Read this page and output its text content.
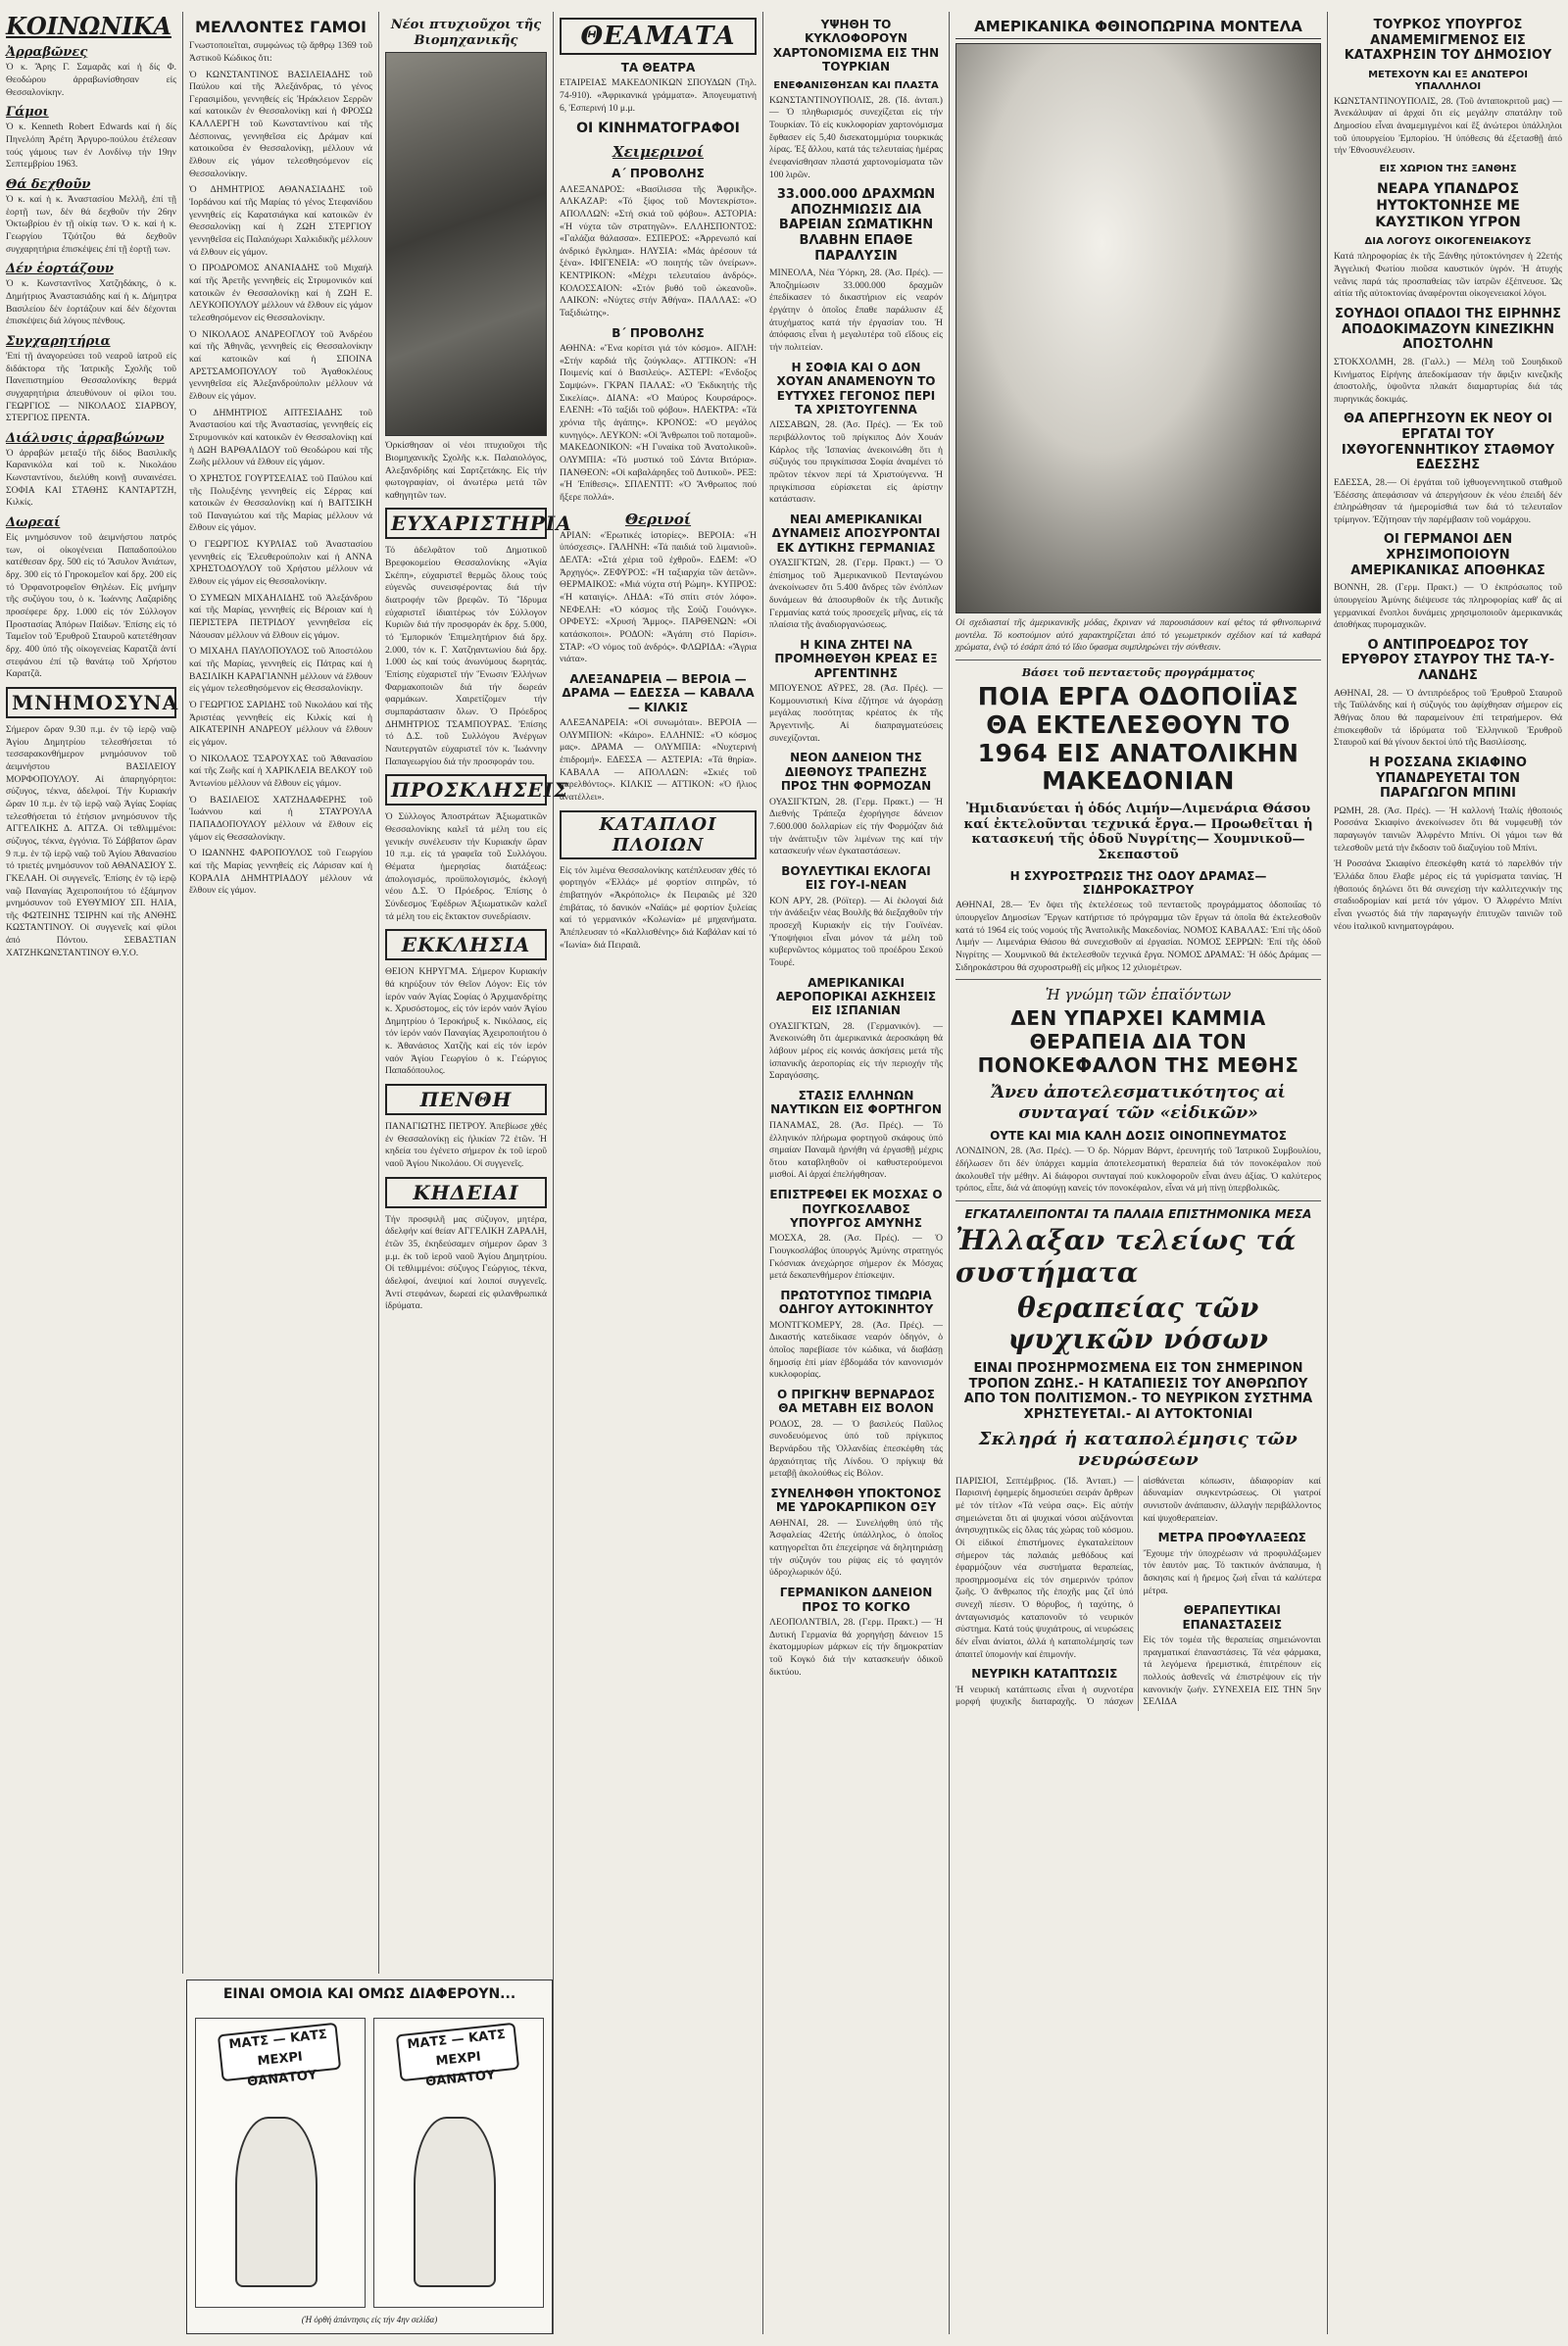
ΚΟΙΝΩΝΙΚΑ
Ἀρραβῶνες

Ὁ κ. Ἄρης Γ. Σαμαρᾶς καί ἡ δίς Φ. Θεοδώρου ἀρραβωνίσθησαν εἰς Θεσσαλονίκην.

Γάμοι

Ὁ κ. Kenneth Robert Edwards καί ἡ δίς Πηνελόπη Ἀρέτη Ἀργυρο-πούλου ἐτέλεσαν τούς γάμους των ἐν Λονδίνῳ τήν 19ην Σεπτεμβρίου 1963.

Θά δεχθοῦν

Ὁ κ. καί ἡ κ. Ἀναστασίου Μελλῆ, ἐπί τῇ ἑορτῇ των, δέν θά δεχθοῦν τήν 26ην Ὀκτωβρίου ἐν τῇ οἰκίᾳ των. Ὁ κ. καί ἡ κ. Γεωργίου Τζιότζου θά δεχθοῦν συγχαρητήρια ἐπισκέψεις ἐπί τῇ ἑορτῇ των.

Δέν ἑορτάζουν

Ὁ κ. Κωνσταντῖνος Χατζηδάκης, ὁ κ. Δημήτριος Ἀναστασιάδης καί ἡ κ. Δήμητρα Βασιλείου δέν ἑορτάζουν καί δέν δέχονται ἐπισκέψεις διά λόγους πένθους.

Συγχαρητήρια

Ἐπί τῇ ἀναγορεύσει τοῦ νεαροῦ ἰατροῦ εἰς διδάκτορα τῆς Ἰατρικῆς Σχολῆς τοῦ Πανεπιστημίου Θεσσαλονίκης θερμά συγχαρητήρια ἀπευθύνουν οἱ φίλοι του. ΓΕΩΡΓΙΟΣ — ΝΙΚΟΛΑΟΣ ΣΙΑΡΒΟΥ, ΣΤΕΡΓΙΟΣ ΠΡΕΝΤΑ.

Διάλυσις ἀρραβώνων

Ὁ ἀρραβών μεταξύ τῆς δίδος Βασιλικῆς Καρανικόλα καί τοῦ κ. Νικολάου Κωνσταντίνου, διελύθη κοινῇ συναινέσει. ΣΟΦΙΑ ΚΑΙ ΣΤΑΘΗΣ ΚΑΝΤΑΡΤΖΗ, Κιλκίς.

Δωρεαί

Εἰς μνημόσυνον τοῦ ἀειμνήστου πατρός των, οἱ οἰκογένειαι Παπαδοπούλου κατέθεσαν δρχ. 500 εἰς τό Ἄσυλον Ἀνιάτων, δρχ. 300 εἰς τό Γηροκομεῖον καί δρχ. 200 εἰς τό Ὀρφανοτροφεῖον Θηλέων. Εἰς μνήμην τῆς συζύγου του, ὁ κ. Ἰωάννης Λαζαρίδης προσέφερε δρχ. 1.000 εἰς τόν Σύλλογον Προστασίας Ἀπόρων Παίδων. Ἐπίσης εἰς τό Ταμεῖον τοῦ Ἐρυθροῦ Σταυροῦ κατετέθησαν δρχ. 400 ὑπό τῆς οἰκογενείας Καρατζᾶ ἀντί στεφάνου ἐπί τῷ θανάτῳ τοῦ Χρήστου Καρατζᾶ.

ΜΝΗΜΟΣΥΝΑ

Σήμερον ὥραν 9.30 π.μ. ἐν τῷ ἱερῷ ναῷ Ἁγίου Δημητρίου τελεσθήσεται τό τεσσαρακονθήμερον μνημόσυνον τοῦ ἀειμνήστου ΒΑΣΙΛΕΙΟΥ ΜΟΡΦΟΠΟΥΛΟΥ. Αἱ ἀπαρηγόρητοι: σύζυγος, τέκνα, ἀδελφοί. Τήν Κυριακήν ὥραν 10 π.μ. ἐν τῷ ἱερῷ ναῷ Ἁγίας Σοφίας τελεσθήσεται τό ἑτήσιον μνημόσυνον τῆς ΑΓΓΕΛΙΚΗΣ Δ. ΑΙΤΖΑ. Οἱ τεθλιμμένοι: σύζυγος, τέκνα, ἐγγόνια. Τό Σάββατον ὥραν 9 π.μ. ἐν τῷ ἱερῷ ναῷ τοῦ Ἁγίου Ἀθανασίου τό τριετές μνημόσυνον τοῦ ΑΘΑΝΑΣΙΟΥ Σ. ΓΚΕΛΑΗ. Οἱ συγγενεῖς. Ἐπίσης ἐν τῷ ἱερῷ ναῷ Παναγίας Ἀχειροποιήτου τό ἑξάμηνον μνημόσυνον τοῦ ΕΥΘΥΜΙΟΥ ΣΠ. ΗΛΙΑ, τῆς ΦΩΤΕΙΝΗΣ ΤΣΙΡΗΝ καί τῆς ΑΝΘΗΣ ΚΩΣΤΑΝΤΙΝΟΥ. Οἱ συγγενεῖς καί φίλοι ἀπό Πόντου. ΣΕΒΑΣΤΙΑΝ ΧΑΤΖΗΚΩΝΣΤΑΝΤΙΝΟΥ Θ.Υ.Ο.

ΜΕΛΛΟΝΤΕΣ ΓΑΜΟΙ

Γνωστοποιεῖται, συμφώνως τῷ ἄρθρῳ 1369 τοῦ Ἀστικοῦ Κώδικος ὅτι:

Ὁ ΚΩΝΣΤΑΝΤΙΝΟΣ ΒΑΣΙΛΕΙΑΔΗΣ τοῦ Παύλου καί τῆς Ἀλεξάνδρας, τό γένος Γερασιμίδου, γεννηθείς εἰς Ἠράκλειον Σερρῶν καί κατοικῶν ἐν Θεσσαλονίκῃ καί ἡ ΦΡΟΣΩ ΚΑΛΛΕΡΓΗ τοῦ Κωνσταντίνου καί τῆς Δέσποινας, γεννηθεῖσα εἰς Δράμαν καί κατοικοῦσα ἐν Θεσσαλονίκῃ, μέλλουν νά ἔλθουν εἰς γάμον τελεσθησόμενον εἰς Θεσσαλονίκην.

Ὁ ΔΗΜΗΤΡΙΟΣ ΑΘΑΝΑΣΙΑΔΗΣ τοῦ Ἰορδάνου καί τῆς Μαρίας τό γένος Στεφανίδου γεννηθείς εἰς Καρατσιάγκα καί κατοικῶν ἐν Θεσσαλονίκῃ καί ἡ ΖΩΗ ΣΤΕΡΓΙΟΥ γεννηθεῖσα εἰς Παλαιόχωρι Χαλκιδικῆς μέλλουν νά ἔλθουν εἰς γάμον.

Ὁ ΠΡΟΔΡΟΜΟΣ ΑΝΑΝΙΑΔΗΣ τοῦ Μιχαήλ καί τῆς Ἀρετῆς γεννηθείς εἰς Στρυμονικόν καί κατοικῶν ἐν Θεσσαλονίκῃ καί ἡ ΖΩΗ Ε. ΛΕΥΚΟΠΟΥΛΟΥ μέλλουν νά ἔλθουν εἰς γάμον τελεσθησόμενον εἰς Θεσσαλονίκην.

Ὁ ΝΙΚΟΛΑΟΣ ΑΝΔΡΕΟΓΛΟΥ τοῦ Ἀνδρέου καί τῆς Ἀθηνᾶς, γεννηθείς εἰς Θεσσαλονίκην καί κατοικῶν καί ἡ ΣΠΟΙΝΑ ΑΡΣΤΣΑΜΟΠΟΥΛΟΥ τοῦ Ἀγαθοκλέους γεννηθεῖσα εἰς Ἀλεξανδρούπολιν μέλλουν νά ἔλθουν εἰς γάμον.

Ὁ ΔΗΜΗΤΡΙΟΣ ΑΠΤΕΣΙΑΔΗΣ τοῦ Ἀναστασίου καί τῆς Ἀναστασίας, γεννηθείς εἰς Στρυμονικόν καί κατοικῶν ἐν Θεσσαλονίκῃ καί ἡ ΔΩΗ ΒΑΡΘΑΛΙΔΟΥ τοῦ Θεοδώρου καί τῆς Ζωῆς μέλλουν νά ἔλθουν εἰς γάμον.

Ὁ ΧΡΗΣΤΟΣ ΓΟΥΡΤΣΕΛΙΑΣ τοῦ Παύλου καί τῆς Πολυξένης γεννηθείς εἰς Σέρρας καί κατοικῶν ἐν Θεσσαλονίκῃ καί ἡ ΒΑΙΤΣΙΚΗ τοῦ Παναγιώτου καί τῆς Μαρίας μέλλουν νά ἔλθουν εἰς γάμον.

Ὁ ΓΕΩΡΓΙΟΣ ΚΥΡΛΙΑΣ τοῦ Ἀναστασίου γεννηθείς εἰς Ἐλευθερούπολιν καί ἡ ΑΝΝΑ ΧΡΗΣΤΟΔΟΥΛΟΥ τοῦ Χρήστου μέλλουν νά ἔλθουν εἰς γάμον εἰς Θεσσαλονίκην.

Ὁ ΣΥΜΕΩΝ ΜΙΧΑΗΛΙΔΗΣ τοῦ Ἀλεξάνδρου καί τῆς Μαρίας, γεννηθείς εἰς Βέροιαν καί ἡ ΠΕΡΙΣΤΕΡΑ ΠΕΤΡΙΔΟΥ γεννηθεῖσα εἰς Νάουσαν μέλλουν νά ἔλθουν εἰς γάμον.

Ὁ ΜΙΧΑΗΛ ΠΑΥΛΟΠΟΥΛΟΣ τοῦ Ἀποστόλου καί τῆς Μαρίας, γεννηθείς εἰς Πάτρας καί ἡ ΒΑΣΙΛΙΚΗ ΚΑΡΑΓΙΑΝΝΗ μέλλουν νά ἔλθουν εἰς γάμον τελεσθησόμενον εἰς Θεσσαλονίκην.

Ὁ ΓΕΩΡΓΙΟΣ ΣΑΡΙΔΗΣ τοῦ Νικολάου καί τῆς Ἀριστέας γεννηθείς εἰς Κιλκίς καί ἡ ΑΙΚΑΤΕΡΙΝΗ ΑΝΔΡΕΟΥ μέλλουν νά ἔλθουν εἰς γάμον.

Ὁ ΝΙΚΟΛΑΟΣ ΤΣΑΡΟΥΧΑΣ τοῦ Ἀθανασίου καί τῆς Ζωῆς καί ἡ ΧΑΡΙΚΛΕΙΑ ΒΕΛΚΟΥ τοῦ Ἀντωνίου μέλλουν νά ἔλθουν εἰς γάμον.

Ὁ ΒΑΣΙΛΕΙΟΣ ΧΑΤΖΗΔΑΦΕΡΗΣ τοῦ Ἰωάννου καί ἡ ΣΤΑΥΡΟΥΛΑ ΠΑΠΑΔΟΠΟΥΛΟΥ μέλλουν νά ἔλθουν εἰς γάμον εἰς Θεσσαλονίκην.

Ὁ ΙΩΑΝΝΗΣ ΦΑΡΟΠΟΥΛΟΣ τοῦ Γεωργίου καί τῆς Μαρίας γεννηθείς εἰς Λάρισαν καί ἡ ΚΟΡΑΛΙΑ ΔΗΜΗΤΡΙΑΔΟΥ μέλλουν νά ἔλθουν εἰς γάμον.

ΕΙΝΑΙ ΟΜΟΙΑ ΚΑΙ ΟΜΩΣ ΔΙΑΦΕΡΟΥΝ...
ΜΑΤΣ — ΚΑΤΣ ΜΕΧΡΙ ΘΑΝΑΤΟΥ
ΜΑΤΣ — ΚΑΤΣ ΜΕΧΡΙ ΘΑΝΑΤΟΥ
(Ἡ ὀρθή ἀπάντησις εἰς τήν 4ην σελίδα)
Νέοι πτυχιοῦχοι τῆς Βιομηχανικῆς

Ὁρκίσθησαν οἱ νέοι πτυχιοῦχοι τῆς Βιομηχανικῆς Σχολῆς κ.κ. Παλαιολόγος, Αλεξανδρίδης καί Σαρτζετάκης. Εἰς τήν φωτογραφίαν, οἱ ἀνωτέρω μετά τῶν καθηγητῶν των.

ΕΥΧΑΡΙΣΤΗΡΙΑ

Τό ἀδελφᾶτον τοῦ Δημοτικοῦ Βρεφοκομείου Θεσσαλονίκης «Ἁγία Σκέπη», εὐχαριστεῖ θερμῶς ὅλους τούς εὐγενῶς συνεισφέροντας διά τήν διατροφήν τῶν βρεφῶν. Τό Ἵδρυμα εὐχαριστεῖ ἰδιαιτέρως τόν Σύλλογον Κυριῶν διά τήν προσφοράν ἐκ δρχ. 5.000, τό Ἐμπορικόν Ἐπιμελητήριον διά δρχ. 2.000, τόν κ. Γ. Χατζηαντωνίου διά δρχ. 1.000 ὡς καί τούς ἀνωνύμους δωρητάς. Ἐπίσης εὐχαριστεῖ τήν Ἕνωσιν Ἐλλήνων Φαρμακοποιῶν διά τήν δωρεάν φαρμάκων. Χαιρετίζομεν τήν συμπαράστασιν ὅλων. Ὁ Πρόεδρος ΔΗΜΗΤΡΙΟΣ ΤΣΑΜΠΟΥΡΑΣ. Ἐπίσης τό Δ.Σ. τοῦ Συλλόγου Ἀνέργων Ναυτεργατῶν εὐχαριστεῖ τόν κ. Ἰωάννην Παπαγεωργίου διά τήν προσφοράν του.

ΠΡΟΣΚΛΗΣΕΙΣ

Ὁ Σύλλογος Ἀποστράτων Ἀξιωματικῶν Θεσσαλονίκης καλεῖ τά μέλη του εἰς γενικήν συνέλευσιν τήν Κυριακήν ὥραν 10 π.μ. εἰς τά γραφεῖα τοῦ Συλλόγου. Θέματα ἡμερησίας διατάξεως: ἀπολογισμός, προϋπολογισμός, ἐκλογή νέου Δ.Σ. Ὁ Πρόεδρος. Ἐπίσης ὁ Σύνδεσμος Ἐφέδρων Ἀξιωματικῶν καλεῖ τά μέλη του εἰς ἔκτακτον συνεδρίασιν.

ΕΚΚΛΗΣΙΑ

ΘΕΙΟΝ ΚΗΡΥΓΜΑ. Σήμερον Κυριακήν θά κηρύξουν τόν Θεῖον Λόγον: Εἰς τόν ἱερόν ναόν Ἁγίας Σοφίας ὁ Ἀρχιμανδρίτης κ. Χρυσόστομος, εἰς τόν ἱερόν ναόν Ἁγίου Δημητρίου ὁ Ἱεροκήρυξ κ. Νικόλαος, εἰς τόν ἱερόν ναόν Παναγίας Ἀχειροποιήτου ὁ κ. Ἀθανάσιος Χατζῆς καί εἰς τόν ἱερόν ναόν Ἁγίου Γεωργίου ὁ κ. Γεώργιος Παπαδόπουλος.

ΠΕΝΘΗ

ΠΑΝΑΓΙΩΤΗΣ ΠΕΤΡΟΥ. Ἀπεβίωσε χθές ἐν Θεσσαλονίκῃ εἰς ἡλικίαν 72 ἐτῶν. Ἡ κηδεία του ἐγένετο σήμερον ἐκ τοῦ ἱεροῦ ναοῦ Ἁγίου Νικολάου. Οἱ συγγενεῖς.

ΚΗΔΕΙΑΙ

Τήν προσφιλῆ μας σύζυγον, μητέρα, ἀδελφήν καί θείαν ΑΓΓΕΛΙΚΗ ΖΑΡΑΛΗ, ἐτῶν 35, ἐκηδεύσαμεν σήμερον ὥραν 3 μ.μ. ἐκ τοῦ ἱεροῦ ναοῦ Ἁγίου Δημητρίου. Οἱ τεθλιμμένοι: σύζυγος Γεώργιος, τέκνα, ἀδελφοί, ἀνεψιοί καί λοιποί συγγενεῖς. Ἀντί στεφάνων, δωρεαί εἰς φιλανθρωπικά ἱδρύματα.

ΘΕΑΜΑΤΑ
ΤΑ ΘΕΑΤΡΑ

ΕΤΑΙΡΕΙΑΣ ΜΑΚΕΔΟΝΙΚΩΝ ΣΠΟΥΔΩΝ (Τηλ. 74-910). «Ἀφρικανικά γράμματα». Ἀπογευματινή 6, Ἑσπερινή 10 μ.μ.

ΟΙ ΚΙΝΗΜΑΤΟΓΡΑΦΟΙ
Χειμερινοί
Α΄ ΠΡΟΒΟΛΗΣ

ΑΛΕΞΑΝΔΡΟΣ: «Βασίλισσα τῆς Ἀφρικῆς». ΑΛΚΑΖΑΡ: «Τό ξίφος τοῦ Μοντεκρίστο». ΑΠΟΛΛΩΝ: «Στή σκιά τοῦ φόβου». ΑΣΤΟΡΙΑ: «Ἡ νύχτα τῶν στρατηγῶν». ΕΛΛΗΣΠΟΝΤΟΣ: «Γαλάζια θάλασσα». ΕΣΠΕΡΟΣ: «Ἀρρενωπό καί ἀνδρικό ἔγκλημα». ΗΛΥΣΙΑ: «Μάς ἀρέσουν τά ξένα». ΙΦΙΓΕΝΕΙΑ: «Ὁ ποιητής τῶν ὀνείρων». ΚΕΝΤΡΙΚΟΝ: «Μέχρι τελευταίου ἀνδρός». ΚΟΛΟΣΣΑΙΟΝ: «Στόν βυθό τοῦ ὠκεανοῦ». ΛΑΙΚΟΝ: «Νύχτες στήν Ἀθήνα». ΠΑΛΛΑΣ: «Ὁ Ταξιδιώτης».

Β΄ ΠΡΟΒΟΛΗΣ

ΑΘΗΝΑ: «Ἕνα κορίτσι γιά τόν κόσμο». ΑΙΓΛΗ: «Στήν καρδιά τῆς ζούγκλας». ΑΤΤΙΚΟΝ: «Ἡ Ποιμενίς καί ὁ Βασιλεύς». ΑΣΤΕΡΙ: «Ἐνδοξος Σαμψών». ΓΚΡΑΝ ΠΑΛΑΣ: «Ὁ Ἐκδικητής τῆς Σικελίας». ΔΙΑΝΑ: «Ὁ Μαύρος Κουρσάρος». ΕΛΕΝΗ: «Τό ταξίδι τοῦ φόβου». ΗΛΕΚΤΡΑ: «Τά χρόνια τῆς ἀγάπης». ΚΡΟΝΟΣ: «Ὁ μεγάλος κυνηγός». ΛΕΥΚΟΝ: «Οἱ Ἄνθρωποι τοῦ ποταμοῦ». ΜΑΚΕΔΟΝΙΚΟΝ: «Ἡ Γυναίκα τοῦ Ἀνατολικοῦ». ΟΛΥΜΠΙΑ: «Τό μυστικό τοῦ Σάντα Βιτόρια». ΠΑΝΘΕΟΝ: «Οἱ καβαλάρηδες τοῦ Δυτικοῦ». ΡΕΞ: «Ἡ Ἐπίθεσις». ΣΠΛΕΝΤΙΤ: «Ὁ Ἄνθρωπος πού ἤξερε πολλά».

Θερινοί

ΑΡΙΑΝ: «Ἐρωτικές ἱστορίες». ΒΕΡΟΙΑ: «Ἡ ὑπόσχεσις». ΓΑΛΗΝΗ: «Τά παιδιά τοῦ λιμανιοῦ». ΔΕΛΤΑ: «Στά χέρια τοῦ ἐχθροῦ». ΕΔΕΜ: «Ὁ Ἀρχηγός». ΖΕΦΥΡΟΣ: «Ἡ ταξιαρχία τῶν ἀετῶν». ΘΕΡΜΑΙΚΟΣ: «Μιά νύχτα στή Ρώμη». ΚΥΠΡΟΣ: «Ἡ καταιγίς». ΛΗΔΑ: «Τό σπίτι στόν λόφο». ΝΕΦΕΛΗ: «Ὁ κόσμος τῆς Σούζι Γουόνγκ». ΟΡΦΕΥΣ: «Χρυσή Ἄμμος». ΠΑΡΘΕΝΩΝ: «Οἱ κατάσκοποι». ΡΟΔΟΝ: «Ἀγάπη στό Παρίσι». ΣΤΑΡ: «Ὁ νόμος τοῦ ἀνδρός». ΦΛΩΡΙΔΑ: «Ἄγρια νιάτα».

ΑΛΕΞΑΝΔΡΕΙΑ — ΒΕΡΟΙΑ — ΔΡΑΜΑ — ΕΔΕΣΣΑ — ΚΑΒΑΛΑ — ΚΙΛΚΙΣ

ΑΛΕΞΑΝΔΡΕΙΑ: «Οἱ συνωμόται». ΒΕΡΟΙΑ — ΟΛΥΜΠΙΟΝ: «Κάιρο». ΕΛΛΗΝΙΣ: «Ὁ κόσμος μας». ΔΡΑΜΑ — ΟΛΥΜΠΙΑ: «Νυχτερινή ἐπιδρομή». ΕΔΕΣΣΑ — ΑΣΤΕΡΙΑ: «Τά θηρία». ΚΑΒΑΛΑ — ΑΠΟΛΛΩΝ: «Σκιές τοῦ παρελθόντος». ΚΙΛΚΙΣ — ΑΤΤΙΚΟΝ: «Ὁ ἥλιος ἀνατέλλει».

ΚΑΤΑΠΛΟΙ ΠΛΟΙΩΝ

Εἰς τόν λιμένα Θεσσαλονίκης κατέπλευσαν χθές τό φορτηγόν «Ἑλλάς» μέ φορτίον σιτηρῶν, τό ἐπιβατηγόν «Ἀκρόπολις» ἐκ Πειραιῶς μέ 320 ἐπιβάτας, τό δανικόν «Ναϊάς» μέ φορτίον ξυλείας καί τό γερμανικόν «Κολωνία» μέ μηχανήματα. Ἀπέπλευσαν τό «Καλλισθένης» διά Καβάλαν καί τό «Ἰωνία» διά Πειραιᾶ.

ΥΨΗΘΗ ΤΟ ΚΥΚΛΟΦΟΡΟΥΝ ΧΑΡΤΟΝΟΜΙΣΜΑ ΕΙΣ ΤΗΝ ΤΟΥΡΚΙΑΝ
ΕΝΕΦΑΝΙΣΘΗΣΑΝ ΚΑΙ ΠΛΑΣΤΑ

ΚΩΝΣΤΑΝΤΙΝΟΥΠΟΛΙΣ, 28. (Ἰδ. ἀνταπ.) — Ὁ πληθωρισμός συνεχίζεται εἰς τήν Τουρκίαν. Τό εἰς κυκλοφορίαν χαρτονόμισμα ἔφθασεν εἰς 5,40 δισεκατομμύρια τουρκικάς λίρας. Ἐξ ἄλλου, κατά τάς τελευταίας ἡμέρας ἐνεφανίσθησαν πλαστά χαρτονομίσματα τῶν 100 λιρῶν.

33.000.000 ΔΡΑΧΜΩΝ ΑΠΟΖΗΜΙΩΣΙΣ ΔΙΑ ΒΑΡΕΙΑΝ ΣΩΜΑΤΙΚΗΝ ΒΛΑΒΗΝ ΕΠΑΘΕ ΠΑΡΑΛΥΣΙΝ

ΜΙΝΕΟΛΑ, Νέα Ὑόρκη, 28. (Ἀσ. Πρές). — Ἀποζημίωσιν 33.000.000 δραχμῶν ἐπεδίκασεν τό δικαστήριον εἰς νεαρόν ἐργάτην ὁ ὁποῖος ἔπαθε παράλυσιν ἐξ ἀτυχήματος κατά τήν ἐργασίαν του. Ἡ ἀπόφασις εἶναι ἡ μεγαλυτέρα τοῦ εἴδους εἰς τήν πολιτείαν.

Η ΣΟΦΙΑ ΚΑΙ Ο ΔΟΝ ΧΟΥΑΝ ΑΝΑΜΕΝΟΥΝ ΤΟ ΕΥΤΥΧΕΣ ΓΕΓΟΝΟΣ ΠΕΡΙ ΤΑ ΧΡΙΣΤΟΥΓΕΝΝΑ

ΛΙΣΣΑΒΩΝ, 28. (Ἀσ. Πρές). — Ἐκ τοῦ περιβάλλοντος τοῦ πρίγκιπος Δόν Χουάν Κάρλος τῆς Ἱσπανίας ἀνεκοινώθη ὅτι ἡ σύζυγός του πριγκίπισσα Σοφία ἀναμένει τό πρῶτον τέκνον περί τά Χριστούγεννα. Ἡ πριγκίπισσα εὑρίσκεται εἰς ἀρίστην κατάστασιν.

ΝΕΑΙ ΑΜΕΡΙΚΑΝΙΚΑΙ ΔΥΝΑΜΕΙΣ ΑΠΟΣΥΡΟΝΤΑΙ ΕΚ ΔΥΤΙΚΗΣ ΓΕΡΜΑΝΙΑΣ

ΟΥΑΣΙΓΚΤΩΝ, 28. (Γερμ. Πρακτ.) — Ὁ ἐπίσημος τοῦ Ἀμερικανικοῦ Πενταγώνου ἀνεκοίνωσεν ὅτι 5.400 ἄνδρες τῶν ἐνόπλων δυνάμεων θά ἀποσυρθοῦν ἐκ τῆς Δυτικῆς Γερμανίας κατά τούς προσεχεῖς μῆνας, εἰς τά πλαίσια τῆς ἀναδιοργανώσεως.

Η ΚΙΝΑ ΖΗΤΕΙ ΝΑ ΠΡΟΜΗΘΕΥΘΗ ΚΡΕΑΣ ΕΞ ΑΡΓΕΝΤΙΝΗΣ

ΜΠΟΥΕΝΟΣ ΑΫΡΕΣ, 28. (Ἀσ. Πρές). — Κομμουνιστική Κίνα ἐζήτησε νά ἀγοράσῃ μεγάλας ποσότητας κρέατος ἐκ τῆς Ἀργεντινῆς. Αἱ διαπραγματεύσεις συνεχίζονται.

ΝΕΟΝ ΔΑΝΕΙΟΝ ΤΗΣ ΔΙΕΘΝΟΥΣ ΤΡΑΠΕΖΗΣ ΠΡΟΣ ΤΗΝ ΦΟΡΜΟΖΑΝ

ΟΥΑΣΙΓΚΤΩΝ, 28. (Γερμ. Πρακτ.) — Ἡ Διεθνής Τράπεζα ἐχορήγησε δάνειον 7.600.000 δολλαρίων εἰς τήν Φορμόζαν διά τήν ἀνάπτυξιν τῶν λιμένων της καί τήν κατασκευήν νέων ἐγκαταστάσεων.

ΒΟΥΛΕΥΤΙΚΑΙ ΕΚΛΟΓΑΙ ΕΙΣ ΓΟΥ-Ι-ΝΕΑΝ

ΚΟΝ ΑΡΥ, 28. (Ρόϊτερ). — Αἱ ἐκλογαί διά τήν ἀνάδειξιν νέας Βουλῆς θά διεξαχθοῦν τήν προσεχῆ Κυριακήν εἰς τήν Γουϊνέαν. Ὑποψήφιοι εἶναι μόνον τά μέλη τοῦ κυβερνῶντος κόμματος τοῦ προέδρου Σεκού Τουρέ.

ΑΜΕΡΙΚΑΝΙΚΑΙ ΑΕΡΟΠΟΡΙΚΑΙ ΑΣΚΗΣΕΙΣ ΕΙΣ ΙΣΠΑΝΙΑΝ

ΟΥΑΣΙΓΚΤΩΝ, 28. (Γερμανικόν). — Ἀνεκοινώθη ὅτι ἀμερικανικά ἀεροσκάφη θά λάβουν μέρος εἰς κοινάς ἀσκήσεις μετά τῆς ἱσπανικῆς ἀεροπορίας εἰς τήν περιοχήν τῆς Σαραγόσσης.

ΣΤΑΣΙΣ ΕΛΛΗΝΩΝ ΝΑΥΤΙΚΩΝ ΕΙΣ ΦΟΡΤΗΓΟΝ

ΠΑΝΑΜΑΣ, 28. (Ἀσ. Πρές). — Τό ἑλληνικόν πλήρωμα φορτηγοῦ σκάφους ὑπό σημαίαν Παναμᾶ ἠρνήθη νά ἐργασθῇ μέχρις ὅτου καταβληθοῦν οἱ καθυστερούμενοι μισθοί. Αἱ ἀρχαί ἐπελήφθησαν.

ΕΠΙΣΤΡΕΦΕΙ ΕΚ ΜΟΣΧΑΣ Ο ΠΟΥΓΚΟΣΛΑΒΟΣ ΥΠΟΥΡΓΟΣ ΑΜΥΝΗΣ

ΜΟΣΧΑ, 28. (Ἀσ. Πρές). — Ὁ Γιουγκοσλάβος ὑπουργός Ἀμύνης στρατηγός Γκόσνιακ ἀνεχώρησε σήμερον ἐκ Μόσχας μετά δεκαπενθήμερον ἐπίσκεψιν.

ΠΡΩΤΟΤΥΠΟΣ ΤΙΜΩΡΙΑ ΟΔΗΓΟΥ ΑΥΤΟΚΙΝΗΤΟΥ

ΜΟΝΤΓΚΟΜΕΡΥ, 28. (Ἀσ. Πρές). — Δικαστής κατεδίκασε νεαρόν ὁδηγόν, ὁ ὁποῖος παρεβίασε τόν κώδικα, νά διαβάσῃ δημοσίᾳ ἐπί μίαν ἑβδομάδα τόν κανονισμόν κυκλοφορίας.

Ο ΠΡΙΓΚΗΨ ΒΕΡΝΑΡΔΟΣ ΘΑ ΜΕΤΑΒΗ ΕΙΣ ΒΟΛΟΝ

ΡΟΔΟΣ, 28. — Ὁ βασιλεύς Παῦλος συνοδευόμενος ὑπό τοῦ πρίγκιπος Βερνάρδου τῆς Ὀλλανδίας ἐπεσκέφθη τάς ἀρχαιότητας τῆς Λίνδου. Ὁ πρίγκιψ θά μεταβῇ ἀκολούθως εἰς Βόλον.

ΣΥΝΕΛΗΦΘΗ ΥΠΟΚΤΟΝΟΣ ΜΕ ΥΔΡΟΚΑΡΠΙΚΟΝ ΟΞΥ

ΑΘΗΝΑΙ, 28. — Συνελήφθη ὑπό τῆς Ἀσφαλείας 42ετής ὑπάλληλος, ὁ ὁποῖος κατηγορεῖται ὅτι ἐπεχείρησε νά δηλητηριάσῃ τήν σύζυγόν του ρίψας εἰς τό φαγητόν ὑδροχλωρικόν ὀξύ.

ΓΕΡΜΑΝΙΚΟΝ ΔΑΝΕΙΟΝ ΠΡΟΣ ΤΟ ΚΟΓΚΟ

ΛΕΟΠΟΛΝΤΒΙΛ, 28. (Γερμ. Πρακτ.) — Ἡ Δυτική Γερμανία θά χορηγήσῃ δάνειον 15 ἑκατομμυρίων μάρκων εἰς τήν δημοκρατίαν τοῦ Κογκό διά τήν κατασκευήν ὁδικοῦ δικτύου.

ΑΜΕΡΙΚΑΝΙΚΑ ΦΘΙΝΟΠΩΡΙΝΑ ΜΟΝΤΕΛΑ

Οἱ σχεδιασταί τῆς ἀμερικανικῆς μόδας, ἔκριναν νά παρουσιάσουν καί φέτος τά φθινοπωρινά μοντέλα. Τό κοστούμιον αὐτό χαρακτηρίζεται ἀπό τό γεωμετρικόν σχέδιον καί τά καθαρά χρώματα, ἐνῷ τό ἐσάρπ ἀπό τό ἴδιο ὕφασμα συμπληρώνει τήν σύνθεσιν.

Βάσει τοῦ πενταετοῦς προγράμματος
ΠΟΙΑ ΕΡΓΑ ΟΔΟΠΟΙΪΑΣ ΘΑ ΕΚΤΕΛΕΣΘΟΥΝ ΤΟ 1964 ΕΙΣ ΑΝΑΤΟΛΙΚΗΝ ΜΑΚΕΔΟΝΙΑΝ
Ἠμιδιανύεται ἡ ὁδός Λιμήν—Λιμενάρια Θάσου καί ἐκτελοῦνται τεχνικά ἔργα.— Προωθεῖται ἡ κατασκευή τῆς ὁδοῦ Νυγρίτης— Χουμνικοῦ— Σκεπαστοῦ
Η ΣΧΥΡΟΣΤΡΩΣΙΣ ΤΗΣ ΟΔΟΥ ΔΡΑΜΑΣ—ΣΙΔΗΡΟΚΑΣΤΡΟΥ

ΑΘΗΝΑΙ, 28.— Ἐν ὄψει τῆς ἐκτελέσεως τοῦ πενταετοῦς προγράμματος ὁδοποιΐας τό ὑπουργεῖον Δημοσίων Ἔργων κατήρτισε τό πρόγραμμα τῶν ἔργων τά ὁποῖα θά ἐκτελεσθοῦν κατά τό 1964 εἰς τούς νομούς τῆς Ἀνατολικῆς Μακεδονίας. ΝΟΜΟΣ ΚΑΒΑΛΑΣ: Ἐπί τῆς ὁδοῦ Λιμήν — Λιμενάρια Θάσου θά συνεχισθοῦν αἱ ἐργασίαι. ΝΟΜΟΣ ΣΕΡΡΩΝ: Ἐπί τῆς ὁδοῦ Νιγρίτης — Χουμνικοῦ θά ἐκτελεσθοῦν τεχνικά ἔργα. ΝΟΜΟΣ ΔΡΑΜΑΣ: Ἡ ὁδός Δράμας — Σιδηροκάστρου θά σχυροστρωθῇ εἰς μῆκος 12 χιλιομέτρων.

Ἡ γνώμη τῶν ἐπαϊόντων
ΔΕΝ ΥΠΑΡΧΕΙ ΚΑΜΜΙΑ ΘΕΡΑΠΕΙΑ ΔΙΑ ΤΟΝ ΠΟΝΟΚΕΦΑΛΟΝ ΤΗΣ ΜΕΘΗΣ
Ἄνευ ἀποτελεσματικότητος αἱ συνταγαί τῶν «εἰδικῶν»
ΟΥΤΕ ΚΑΙ ΜΙΑ ΚΑΛΗ ΔΟΣΙΣ ΟΙΝΟΠΝΕΥΜΑΤΟΣ

ΛΟΝΔΙΝΟΝ, 28. (Ἀσ. Πρές). — Ὁ δρ. Νόρμαν Βάρντ, ἐρευνητής τοῦ Ἰατρικοῦ Συμβουλίου, ἐδήλωσεν ὅτι δέν ὑπάρχει καμμία ἀποτελεσματική θεραπεία διά τόν πονοκέφαλον πού ἀκολουθεῖ τήν μέθην. Αἱ διάφοροι συνταγαί πού κυκλοφοροῦν εἶναι ἀνευ ἀξίας. Ὁ καλύτερος τρόπος, εἶπε, διά νά ἀποφύγῃ κανείς τόν πονοκέφαλον, εἶναι νά μή πίνῃ ὑπερβολικῶς.

ΕΓΚΑΤΑΛΕΙΠΟΝΤΑΙ ΤΑ ΠΑΛΑΙΑ ΕΠΙΣΤΗΜΟΝΙΚΑ ΜΕΣΑ
Ἠλλαξαν τελείως τά συστήματα
θεραπείας τῶν ψυχικῶν νόσων
ΕΙΝΑΙ ΠΡΟΣΗΡΜΟΣΜΕΝΑ ΕΙΣ ΤΟΝ ΣΗΜΕΡΙΝΟΝ ΤΡΟΠΟΝ ΖΩΗΣ.- Η ΚΑΤΑΠΙΕΣΙΣ ΤΟΥ ΑΝΘΡΩΠΟΥ ΑΠΟ ΤΟΝ ΠΟΛΙΤΙΣΜΟΝ.- ΤΟ ΝΕΥΡΙΚΟΝ ΣΥΣΤΗΜΑ ΧΡΗΣΤΕΥΕΤΑΙ.- ΑΙ ΑΥΤΟΚΤΟΝΙΑΙ
Σκληρά ἡ καταπολέμησις τῶν νευρώσεων

ΠΑΡΙΣΙΟΙ, Σεπτέμβριος. (Ἰδ. Ἀνταπ.) — Παρισινή ἐφημερίς δημοσιεύει σειράν ἄρθρων μέ τόν τίτλον «Τά νεύρα σας». Εἰς αὐτήν σημειώνεται ὅτι αἱ ψυχικαί νόσοι αὐξάνονται ἀνησυχητικῶς εἰς ὅλας τάς χώρας τοῦ κόσμου. Οἱ εἰδικοί ἐπιστήμονες ἐγκαταλείπουν σήμερον τάς παλαιάς μεθόδους καί ἐφαρμόζουν νέα συστήματα θεραπείας, προσηρμοσμένα εἰς τόν σημερινόν τρόπον ζωῆς. Ὁ ἄνθρωπος τῆς ἐποχῆς μας ζεῖ ὑπό συνεχῆ πίεσιν. Ὁ θόρυβος, ἡ ταχύτης, ὁ ἀνταγωνισμός καταπονοῦν τό νευρικόν σύστημα. Κατά τούς ψυχιάτρους, αἱ νευρώσεις δέν εἶναι ἀνίατοι, ἀλλά ἡ καταπολέμησίς των ἀπαιτεῖ ὑπομονήν καί ἐπιμονήν.

ΝΕΥΡΙΚΗ ΚΑΤΑΠΤΩΣΙΣ

Ἡ νευρική κατάπτωσις εἶναι ἡ συχνοτέρα μορφή ψυχικῆς διαταραχῆς. Ὁ πάσχων αἰσθάνεται κόπωσιν, ἀδιαφορίαν καί ἀδυναμίαν συγκεντρώσεως. Οἱ γιατροί συνιστοῦν ἀνάπαυσιν, ἀλλαγήν περιβάλλοντος καί ψυχοθεραπείαν.

ΜΕΤΡΑ ΠΡΟΦΥΛΑΞΕΩΣ

Ἔχουμε τήν ὑποχρέωσιν νά προφυλάξωμεν τόν ἑαυτόν μας. Τό τακτικόν ἀνάπαυμα, ἡ ἄσκησις καί ἡ ἤρεμος ζωή εἶναι τά καλύτερα μέτρα.

ΘΕΡΑΠΕΥΤΙΚΑΙ ΕΠΑΝΑΣΤΑΣΕΙΣ

Εἰς τόν τομέα τῆς θεραπείας σημειώνονται πραγματικαί ἐπαναστάσεις. Τά νέα φάρμακα, τά λεγόμενα ἠρεμιστικά, ἐπιτρέπουν εἰς πολλούς ἀσθενεῖς νά ἐπιστρέψουν εἰς τήν κανονικήν ζωήν. ΣΥΝΕΧΕΙΑ ΕΙΣ ΤΗΝ 5ην ΣΕΛΙΔΑ

ΤΟΥΡΚΟΣ ΥΠΟΥΡΓΟΣ ΑΝΑΜΕΜΙΓΜΕΝΟΣ ΕΙΣ ΚΑΤΑΧΡΗΣΙΝ ΤΟΥ ΔΗΜΟΣΙΟΥ
ΜΕΤΕΧΟΥΝ ΚΑΙ ΕΞ ΑΝΩΤΕΡΟΙ ΥΠΑΛΛΗΛΟΙ

ΚΩΝΣΤΑΝΤΙΝΟΥΠΟΛΙΣ, 28. (Τοῦ ἀνταποκριτοῦ μας) — Ἀνεκάλυψαν αἱ ἀρχαί ὅτι εἰς μεγάλην σπατάλην τοῦ Δημοσίου εἶναι ἀναμεμιγμένοι καί ἓξ ἀνώτεροι ὑπάλληλοι τοῦ ὑπουργείου Ἐμπορίου. Ἡ ὑπόθεσις θά ἐξετασθῇ ἀπό τήν Ἐθνοσυνέλευσιν.

ΕΙΣ ΧΩΡΙΟΝ ΤΗΣ ΞΑΝΘΗΣ
ΝΕΑΡΑ ΥΠΑΝΔΡΟΣ ΗΥΤΟΚΤΟΝΗΣΕ ΜΕ ΚΑΥΣΤΙΚΟΝ ΥΓΡΟΝ
ΔΙΑ ΛΟΓΟΥΣ ΟΙΚΟΓΕΝΕΙΑΚΟΥΣ

Κατά πληροφορίας ἐκ τῆς Ξάνθης ηὐτοκτόνησεν ἡ 22ετής Ἀγγελική Φωτίου πιοῦσα καυστικόν ὑγρόν. Ἡ ἀτυχής νεᾶνις παρά τάς προσπαθείας τῶν ἰατρῶν ἐξέπνευσε. Ὡς αἰτία τῆς αὐτοκτονίας ἀναφέρονται οἰκογενειακοί λόγοι.

ΣΟΥΗΔΟΙ ΟΠΑΔΟΙ ΤΗΣ ΕΙΡΗΝΗΣ ΑΠΟΔΟΚΙΜΑΖΟΥΝ ΚΙΝΕΖΙΚΗΝ ΑΠΟΣΤΟΛΗΝ

ΣΤΟΚΧΟΛΜΗ, 28. (Γαλλ.) — Μέλη τοῦ Σουηδικοῦ Κινήματος Εἰρήνης ἀπεδοκίμασαν τήν ἄφιξιν κινεζικῆς ἀποστολῆς, ὑψοῦντα πλακάτ διαμαρτυρίας διά τάς πυρηνικάς δοκιμάς.

ΘΑ ΑΠΕΡΓΗΣΟΥΝ ΕΚ ΝΕΟΥ ΟΙ ΕΡΓΑΤΑΙ ΤΟΥ ΙΧΘΥΟΓΕΝΝΗΤΙΚΟΥ ΣΤΑΘΜΟΥ ΕΔΕΣΣΗΣ

ΕΔΕΣΣΑ, 28.— Οἱ ἐργάται τοῦ ἰχθυογεννητικοῦ σταθμοῦ Ἐδέσσης ἀπεφάσισαν νά ἀπεργήσουν ἐκ νέου ἐπειδή δέν ἐπληρώθησαν τά ἡμερομίσθιά των διά τό τελευταῖον τρίμηνον. Ἐζήτησαν τήν παρέμβασιν τοῦ νομάρχου.

ΟΙ ΓΕΡΜΑΝΟΙ ΔΕΝ ΧΡΗΣΙΜΟΠΟΙΟΥΝ ΑΜΕΡΙΚΑΝΙΚΑΣ ΑΠΟΘΗΚΑΣ

ΒΟΝΝΗ, 28. (Γερμ. Πρακτ.) — Ὁ ἐκπρόσωπος τοῦ ὑπουργείου Ἀμύνης διέψευσε τάς πληροφορίας καθ' ἅς αἱ γερμανικαί ἔνοπλοι δυνάμεις χρησιμοποιοῦν ἀμερικανικάς ἀποθήκας πυρομαχικῶν.

Ο ΑΝΤΙΠΡΟΕΔΡΟΣ ΤΟΥ ΕΡΥΘΡΟΥ ΣΤΑΥΡΟΥ ΤΗΣ ΤΑ-Υ-ΛΑΝΔΗΣ

ΑΘΗΝΑΙ, 28. — Ὁ ἀντιπρόεδρος τοῦ Ἐρυθροῦ Σταυροῦ τῆς Ταϋλάνδης καί ἡ σύζυγός του ἀφίχθησαν σήμερον εἰς Ἀθήνας ὅπου θά παραμείνουν ἐπί τετραήμερον. Θά ἐπισκεφθοῦν τά ἱδρύματα τοῦ Ἑλληνικοῦ Ἐρυθροῦ Σταυροῦ καί θά γίνουν δεκτοί ὑπό τῆς Βασιλίσσης.

Η ΡΟΣΣΑΝΑ ΣΚΙΑΦΙΝΟ ΥΠΑΝΔΡΕΥΕΤΑΙ ΤΟΝ ΠΑΡΑΓΩΓΟΝ ΜΠΙΝΙ

ΡΩΜΗ, 28. (Ἀσ. Πρές). — Ἡ καλλονή Ἰταλίς ἠθοποιός Ροσσάνα Σκιαφίνο ἀνεκοίνωσεν ὅτι θά νυμφευθῇ τόν παραγωγόν ταινιῶν Ἀλφρέντο Μπίνι. Οἱ γάμοι των θά τελεσθοῦν μετά τήν ἔκδοσιν τοῦ διαζυγίου τοῦ Μπίνι.

Ἡ Ροσσάνα Σκιαφίνο ἐπεσκέφθη κατά τό παρελθόν τήν Ἑλλάδα ὅπου ἔλαβε μέρος εἰς τά γυρίσματα ταινίας. Ἡ ἠθοποιός δηλώνει ὅτι θά συνεχίσῃ τήν καλλιτεχνικήν της σταδιοδρομίαν καί μετά τόν γάμον. Ὁ Ἀλφρέντο Μπίνι εἶναι γνωστός διά τήν παραγωγήν ἐπιτυχῶν ταινιῶν τοῦ νέου ἰταλικοῦ κινηματογράφου.
